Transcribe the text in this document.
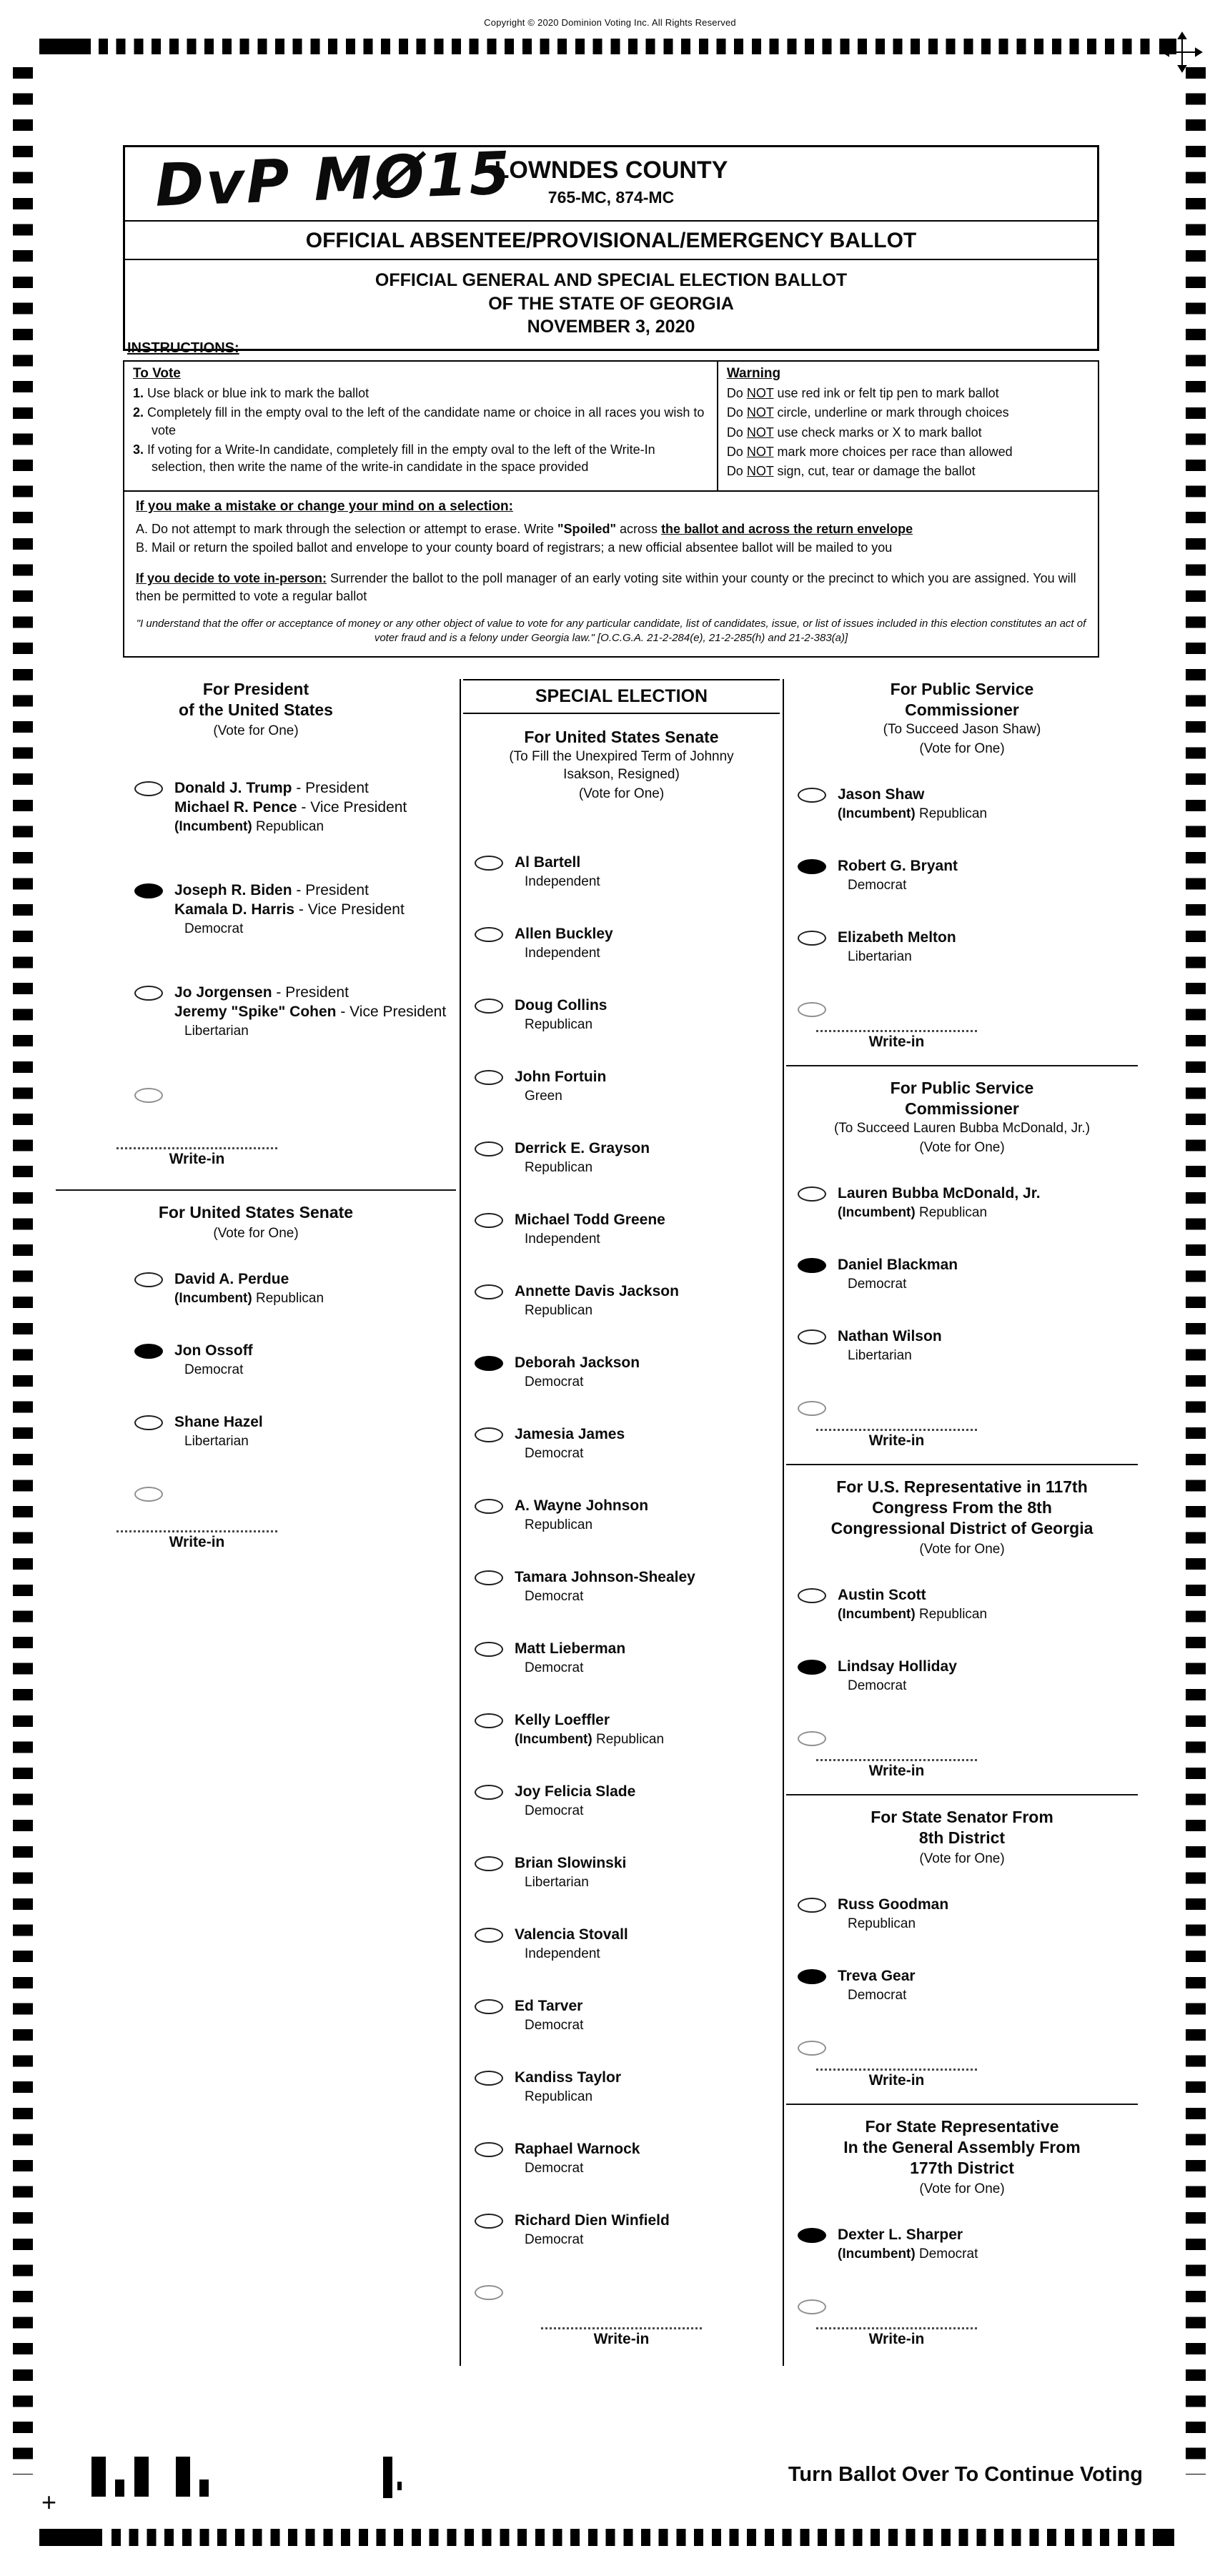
Copyright © 2020 Dominion Voting Inc. All Rights Reserved
DvP MØ15
LOWNDES COUNTY
765-MC, 874-MC
OFFICIAL ABSENTEE/PROVISIONAL/EMERGENCY BALLOT
OFFICIAL GENERAL AND SPECIAL ELECTION BALLOT
OF THE STATE OF GEORGIA
NOVEMBER 3, 2020
INSTRUCTIONS:
To Vote
1. Use black or blue ink to mark the ballot
2. Completely fill in the empty oval to the left of the candidate name or choice in all races you wish to vote
3. If voting for a Write-In candidate, completely fill in the empty oval to the left of the Write-In selection, then write the name of the write-in candidate in the space provided
Warning
Do NOT use red ink or felt tip pen to mark ballot
Do NOT circle, underline or mark through choices
Do NOT use check marks or X to mark ballot
Do NOT mark more choices per race than allowed
Do NOT sign, cut, tear or damage the ballot
If you make a mistake or change your mind on a selection:
A. Do not attempt to mark through the selection or attempt to erase. Write "Spoiled" across the ballot and across the return envelope
B. Mail or return the spoiled ballot and envelope to your county board of registrars; a new official absentee ballot will be mailed to you
If you decide to vote in-person: Surrender the ballot to the poll manager of an early voting site within your county or the precinct to which you are assigned. You will then be permitted to vote a regular ballot
"I understand that the offer or acceptance of money or any other object of value to vote for any particular candidate, list of candidates, issue, or list of issues included in this election constitutes an act of voter fraud and is a felony under Georgia law." [O.C.G.A. 21-2-284(e), 21-2-285(h) and 21-2-383(a)]
For President
of the United States
(Vote for One)
Donald J. Trump - President
Michael R. Pence - Vice President
(Incumbent) Republican
Joseph R. Biden - President
Kamala D. Harris - Vice President
Democrat
Jo Jorgensen - President
Jeremy "Spike" Cohen - Vice President
Libertarian
Write-in
For United States Senate
(Vote for One)
David A. Perdue
(Incumbent) Republican
Jon Ossoff
Democrat
Shane Hazel
Libertarian
Write-in
SPECIAL ELECTION
For United States Senate
(To Fill the Unexpired Term of Johnny
Isakson, Resigned)
(Vote for One)
Al Bartell
Independent
Allen Buckley
Independent
Doug Collins
Republican
John Fortuin
Green
Derrick E. Grayson
Republican
Michael Todd Greene
Independent
Annette Davis Jackson
Republican
Deborah Jackson
Democrat
Jamesia James
Democrat
A. Wayne Johnson
Republican
Tamara Johnson-Shealey
Democrat
Matt Lieberman
Democrat
Kelly Loeffler
(Incumbent) Republican
Joy Felicia Slade
Democrat
Brian Slowinski
Libertarian
Valencia Stovall
Independent
Ed Tarver
Democrat
Kandiss Taylor
Republican
Raphael Warnock
Democrat
Richard Dien Winfield
Democrat
Write-in
For Public Service
Commissioner
(To Succeed Jason Shaw)
(Vote for One)
Jason Shaw
(Incumbent) Republican
Robert G. Bryant
Democrat
Elizabeth Melton
Libertarian
Write-in
For Public Service
Commissioner
(To Succeed Lauren Bubba McDonald, Jr.)
(Vote for One)
Lauren Bubba McDonald, Jr.
(Incumbent) Republican
Daniel Blackman
Democrat
Nathan Wilson
Libertarian
Write-in
For U.S. Representative in 117th
Congress From the 8th
Congressional District of Georgia
(Vote for One)
Austin Scott
(Incumbent) Republican
Lindsay Holliday
Democrat
Write-in
For State Senator From
8th District
(Vote for One)
Russ Goodman
Republican
Treva Gear
Democrat
Write-in
For State Representative
In the General Assembly From
177th District
(Vote for One)
Dexter L. Sharper
(Incumbent) Democrat
Write-in
+
Turn Ballot Over To Continue Voting
